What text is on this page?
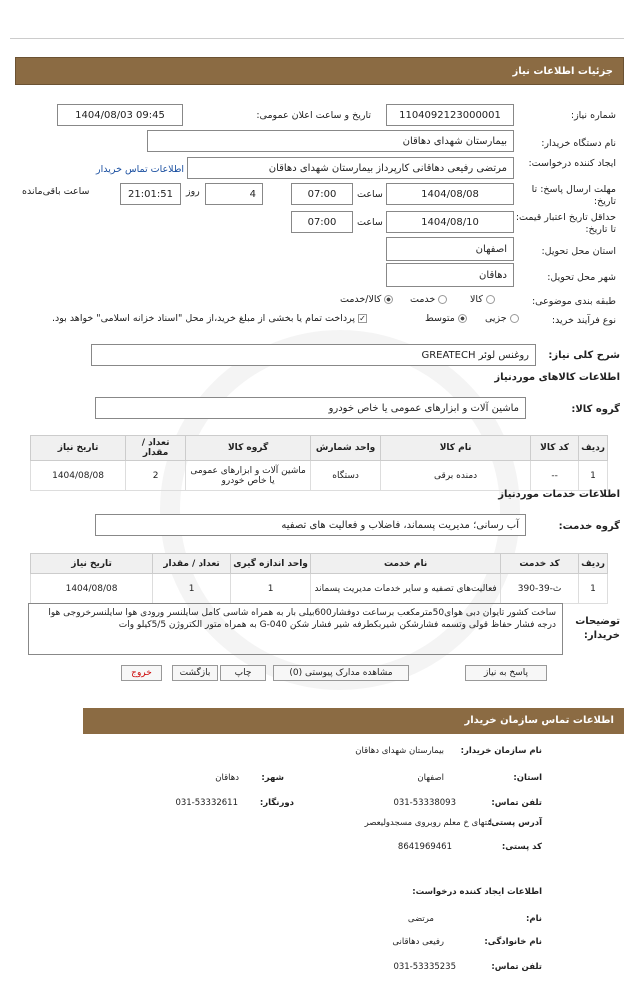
جزئیات اطلاعات نیاز
شماره نیاز:
1104092123000001
تاریخ و ساعت اعلان عمومی:
1404/08/03 09:45
نام دستگاه خریدار:
بیمارستان شهدای دهاقان
ایجاد کننده درخواست:
مرتضی رفیعی دهاقانی کارپرداز بیمارستان شهدای دهاقان
اطلاعات تماس خریدار
مهلت ارسال پاسخ: تا تاریخ:
1404/08/08
ساعت
07:00
4
روز
21:01:51
ساعت باقی‌مانده
حداقل تاریخ اعتبار قیمت: تا تاریخ:
1404/08/10
ساعت
07:00
استان محل تحویل:
اصفهان
شهر محل تحویل:
دهاقان
طبقه بندی موضوعی:
کالا
خدمت
کالا/خدمت
نوع فرآیند خرید:
جزیی
متوسط
✓پرداخت تمام یا بخشی از مبلغ خرید،از محل "اسناد خزانه اسلامی" خواهد بود.
شرح کلی نیاز:
روغنس لوئر GREATECH
اطلاعات کالاهای موردنیاز
گروه کالا:
ماشین آلات و ابزارهای عمومی یا خاص خودرو
ردیف	کد کالا	نام کالا	واحد شمارش	گروه کالا	تعداد / مقدار	تاریخ نیاز
1	--	دمنده برقی	دستگاه	ماشین آلات و ابزارهای عمومی یا خاص خودرو	2	1404/08/08
اطلاعات خدمات موردنیاز
گروه خدمت:
آب رسانی؛ مدیریت پسماند، فاضلاب و فعالیت های تصفیه
ردیف	کد خدمت	نام خدمت	واحد اندازه گیری	تعداد / مقدار	تاریخ نیاز
1	ث-39-390	فعالیت‌های تصفیه و سایر خدمات مدیریت پسماند	1	1	1404/08/08
توضیحات خریدار:
ساخت کشور تایوان دبی هوای50مترمکعب برساعت دوفشار600بیلی بار به همراه شاسی کامل سایلنسر ورودی هوا سایلنسرخروجی هوا درجه فشار حفاظ قولی وتسمه فشارشکن شیربکطرفه شیر فشار شکن 040-G به همراه متور الکتروژن 5/5کیلو وات
پاسخ به نیاز
مشاهده مدارک پیوستی (0)
چاپ
بازگشت
خروج
اطلاعات تماس سازمان خریدار
نام سازمان خریدار:
بیمارستان شهدای دهاقان
استان:
اصفهان
شهر:
دهاقان
تلفن تماس:
031-53338093
دورنگار:
031-53332611
آدرس پستی:
انتهای خ معلم روبروی مسجدولیعصر
کد پستی:
8641969461
اطلاعات ایجاد کننده درخواست:
نام:
مرتضی
نام خانوادگی:
رفیعی دهاقانی
تلفن تماس:
031-53335235
